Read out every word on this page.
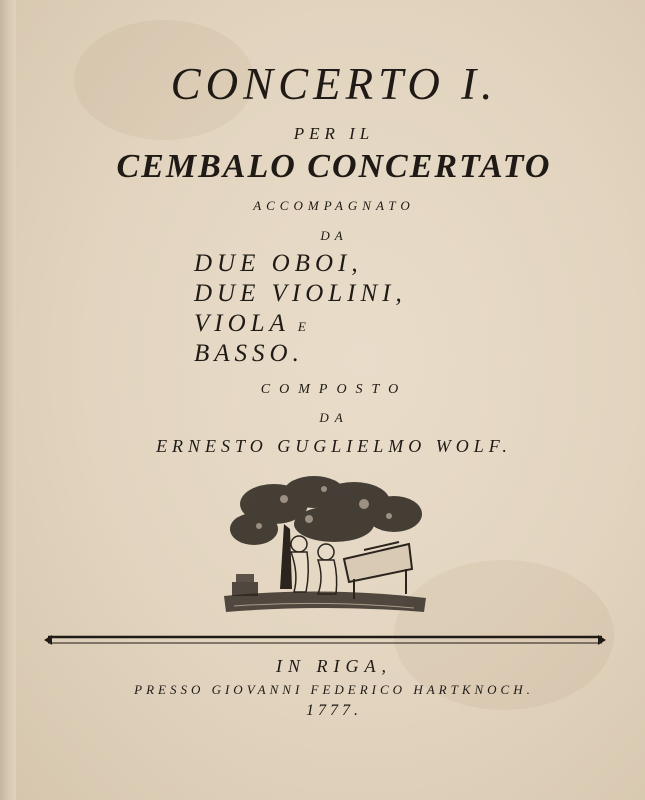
CONCERTO I.
PER IL
CEMBALO CONCERTATO
ACCOMPAGNATO
DA
DUE OBOI,
DUE VIOLINI,
VIOLA E
BASSO.
COMPOSTO
DA
ERNESTO GUGLIELMO WOLF.
IN RIGA,
PRESSO GIOVANNI FEDERICO HARTKNOCH.
1777.
